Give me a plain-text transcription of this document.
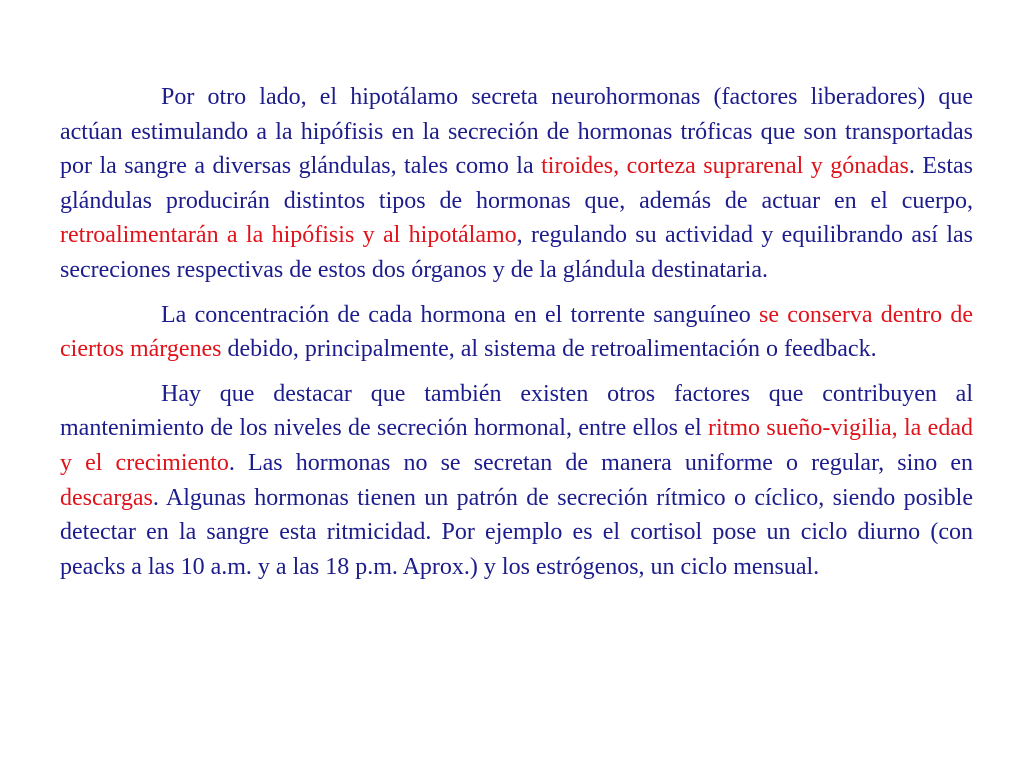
Por otro lado, el hipotálamo secreta neurohormonas (factores liberadores) que actúan estimulando a la hipófisis en la secreción de hormonas tróficas que son transportadas por la sangre a diversas glándulas, tales como la tiroides, corteza suprarenal y gónadas. Estas glándulas producirán distintos tipos de hormonas que, además de actuar en el cuerpo, retroalimentarán a la hipófisis y al hipotálamo, regulando su actividad y equilibrando así las secreciones respectivas de estos dos órganos y de la glándula destinataria.

La concentración de cada hormona en el torrente sanguíneo se conserva dentro de ciertos márgenes debido, principalmente, al sistema de retroalimentación o feedback.

Hay que destacar que también existen otros factores que contribuyen al mantenimiento de los niveles de secreción hormonal, entre ellos el ritmo sueño-vigilia, la edad y el crecimiento. Las hormonas no se secretan de manera uniforme o regular, sino en descargas. Algunas hormonas tienen un patrón de secreción rítmico o cíclico, siendo posible detectar en la sangre esta ritmicidad. Por ejemplo es el cortisol pose un ciclo diurno (con peacks a las 10 a.m. y a las 18 p.m. Aprox.) y los estrógenos, un ciclo mensual.
